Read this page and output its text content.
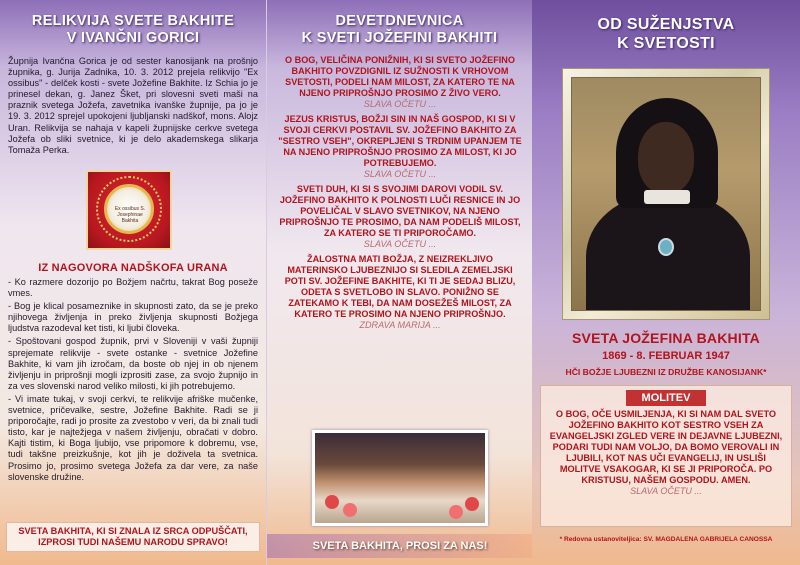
RELIKVIJA SVETE BAKHITE
V IVANČNI GORICI

Župnija Ivančna Gorica je od sester kanosijank na prošnjo župnika, g. Jurija Zadnika, 10. 3. 2012 prejela relikvijo "Ex ossibus" - delček kosti - svete Jožefine Bakhite. Iz Schia jo je prinesel dekan, g. Janez Šket, pri slovesni sveti maši na praznik svetega Jožefa, zavetnika ivanške župnije, pa jo je 19. 3. 2012 sprejel upokojeni ljubljanski nadškof, mons. Alojz Uran. Relikvija se nahaja v kapeli župnijske cerkve svetega Jožefa ob sliki svetnice, ki je delo akademskega slikarja Tomaža Perka.

Ex ossibus S. Josephinae Bakhita
IZ NAGOVORA NADŠKOFA URANA
- Ko razmere dozorijo po Božjem načrtu, takrat Bog poseže vmes.
- Bog je klical posameznike in skupnosti zato, da se je preko njihovega življenja in preko življenja skupnosti Božjega ljudstva razodeval ket tisti, ki ljubi človeka.
- Spoštovani gospod župnik, prvi v Sloveniji v vaši župniji sprejemate relikvije - svete ostanke - svetnice Jožefine Bakhite, ki vam jih izročam, da boste ob njej in ob njenem življenju in priprošnji mogli izprositi zase, za svojo župnijo in za ves slovenski narod veliko milosti, ki jih potrebujemo.
- Vi imate tukaj, v svoji cerkvi, te relikvije afriške mučenke, svetnice, pričevalke, sestre, Jožefine Bakhite. Radi se ji priporočajte, radi jo prosite za zvestobo v veri, da bi znali tudi tisto, kar je najtežjega v našem življenju, obračati v dobro. Kajti tistim, ki Boga ljubijo, vse pripomore k dobremu, vse, tudi takšne preizkušnje, kot jih je doživela ta svetnica. Prosimo jo, prosimo svetega Jožefa za dar vere, za naše slovenske družine.
SVETA BAKHITA, KI SI ZNALA IZ SRCA ODPUŠČATI, IZPROSI TUDI NAŠEMU NARODU SPRAVO!
DEVETDNEVNICA
K SVETI JOŽEFINI BAKHITI
O BOG, VELIČINA PONIŽNIH, KI SI SVETO JOŽEFINO BAKHITO POVZDIGNIL IZ SUŽNOSTI K VRHOVOM SVETOSTI, PODELI NAM MILOST, ZA KATERO TE NA NJENO PRIPROŠNJO PROSIMO Z ŽIVO VERO.
SLAVA OČETU ...
JEZUS KRISTUS, BOŽJI SIN IN NAŠ GOSPOD, KI SI V SVOJI CERKVI POSTAVIL SV. JOŽEFINO BAKHITO ZA "SESTRO VSEH", OKREPLJENI S TRDNIM UPANJEM TE NA NJENO PRIPROŠNJO PROSIMO ZA MILOST, KI JO POTREBUJEMO.
SLAVA OČETU ...
SVETI DUH, KI SI S SVOJIMI DAROVI VODIL SV. JOŽEFINO BAKHITO K POLNOSTI LUČI RESNICE IN JO POVELIČAL V SLAVO SVETNIKOV, NA NJENO PRIPROŠNJO TE PROSIMO, DA NAM PODELIŠ MILOST, ZA KATERO SE TI PRIPOROČAMO.
SLAVA OČETU ...
ŽALOSTNA MATI BOŽJA, Z NEIZREKLJIVO MATERINSKO LJUBEZNIJO SI SLEDILA ZEMELJSKI POTI SV. JOŽEFINE BAKHITE, KI TI JE SEDAJ BLIZU, ODETA S SVETLOBO IN SLAVO. PONIŽNO SE ZATEKAMO K TEBI, DA NAM DOSEŽEŠ MILOST, ZA KATERO TE PROSIMO NA NJENO PRIPROŠNJO.
ZDRAVA MARIJA ...
SVETA BAKHITA, PROSI ZA NAS!
OD SUŽENJSTVA
K SVETOSTI
SVETA JOŽEFINA BAKHITA
1869 - 8. FEBRUAR 1947
HČI BOŽJE LJUBEZNI IZ DRUŽBE KANOSIJANK*
MOLITEV
O BOG, OČE USMILJENJA, KI SI NAM DAL SVETO JOŽEFINO BAKHITO KOT SESTRO VSEH ZA EVANGELJSKI ZGLED VERE IN DEJAVNE LJUBEZNI, PODARI TUDI NAM VOLJO, DA BOMO VEROVALI IN LJUBILI, KOT NAS UČI EVANGELIJ, IN USLIŠI MOLITVE VSAKOGAR, KI SE JI PRIPOROČA. PO KRISTUSU, NAŠEM GOSPODU. AMEN.
SLAVA OČETU ...
* Redovna ustanoviteljica: SV. MAGDALENA GABRIJELA CANOSSA
